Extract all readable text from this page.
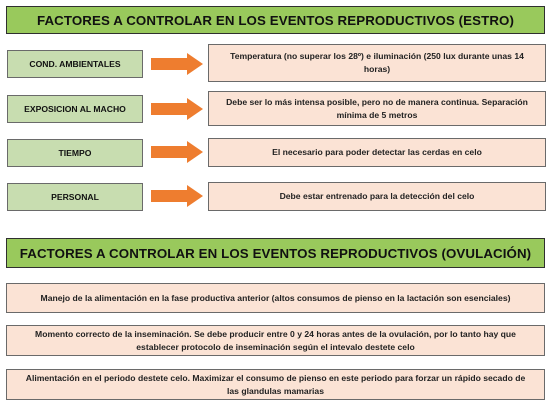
FACTORES A CONTROLAR EN LOS EVENTOS REPRODUCTIVOS (ESTRO)
COND. AMBIENTALES
Temperatura (no superar los 28º) e iluminación (250 lux durante unas 14 horas)
EXPOSICION AL MACHO
Debe ser lo más intensa posible, pero no de manera continua. Separación mínima de 5 metros
TIEMPO	El necesario para poder detectar las cerdas en celo
PERSONAL	Debe estar entrenado para la detección del celo
FACTORES A CONTROLAR EN LOS EVENTOS REPRODUCTIVOS (OVULACIÓN)
Manejo de la alimentación en la fase productiva anterior (altos consumos de pienso en la lactación son esenciales)
Momento correcto de la inseminación. Se debe producir entre 0 y 24 horas antes de la ovulación, por lo tanto hay que establecer protocolo de inseminación según el intevalo destete celo
Alimentación en el periodo destete celo. Maximizar el consumo de pienso en este periodo para forzar un rápido secado de las glandulas mamarias
